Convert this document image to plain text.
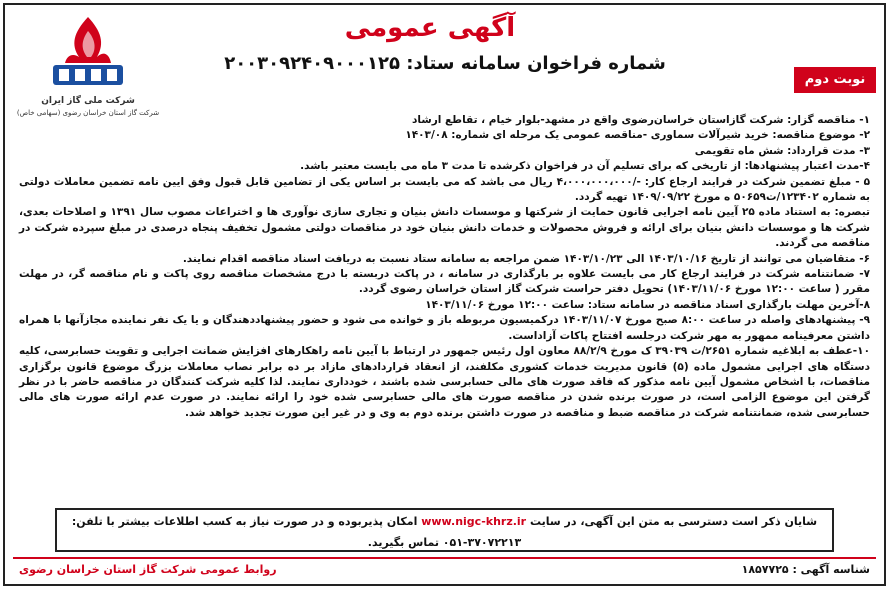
شرکت ملی گاز ایران
شرکت گاز استان خراسان رضوی (سهامی خاص)
آگهی عمومی
شماره فراخوان سامانه ستاد: ۲۰۰۳۰۹۲۴۰۹۰۰۰۱۲۵
نوبت دوم

۱- مناقصه گزار: شرکت گازاستان خراسان‌رضوی واقع در مشهد-بلوار خیام ، تقاطع ارشاد

۲- موضوع مناقصه: خرید شیرآلات سماوری -مناقصه عمومی یک مرحله ای شماره: ۱۴۰۳/۰۸

۳- مدت قرارداد: شش ماه تقویمی

۴-مدت اعتبار پیشنهادها: از تاریخی که برای تسلیم آن در فراخوان ذکرشده تا مدت ۳ ماه می بایست معتبر باشد.

۵ - مبلغ تضمین شرکت در فرایند ارجاع کار: -/۴،۰۰۰،۰۰۰،۰۰۰ ریال می باشد که می بایست بر اساس یکی از تضامین قابل قبول وفق ایین نامه تضمین معاملات دولتی به شماره ۱۲۳۴۰۲/ت۵۰۶۵۹ ه مورخ ۱۴۰۹/۰۹/۲۲ تهیه گردد.

تبصره: به استناد ماده ۲۵ آیین نامه اجرایی قانون حمایت از شرکتها و موسسات دانش بنیان و تجاری سازی نوآوری ها و اختراعات مصوب سال ۱۳۹۱ و اصلاحات بعدی، شرکت ها و موسسات دانش بنیان برای ارائه و فروش محصولات و خدمات دانش بنیان خود در مناقصات دولتی مشمول تخفیف پنجاه درصدی در مبلغ سپرده شرکت در مناقصه می گردند.

۶- متقاضیان می توانند از تاریخ ۱۴۰۳/۱۰/۱۶ الی ۱۴۰۳/۱۰/۲۳ ضمن مراجعه به سامانه ستاد نسبت به دریافت اسناد مناقصه اقدام نمایند.

۷- ضمانتنامه شرکت در فرایند ارجاع کار می بایست علاوه بر بارگذاری در سامانه ، در پاکت دربسته با درج مشخصات مناقصه روی پاکت و نام مناقصه گر، در مهلت مقرر ( ساعت ۱۲:۰۰ مورخ ۱۴۰۳/۱۱/۰۶) تحویل دفتر حراست شرکت گاز استان خراسان رضوی گردد.

۸-آخرین مهلت بارگذاری اسناد مناقصه در سامانه ستاد: ساعت ۱۲:۰۰ مورخ ۱۴۰۳/۱۱/۰۶

۹- پیشنهادهای واصله در ساعت ۸:۰۰ صبح مورخ ۱۴۰۳/۱۱/۰۷ درکمیسیون مربوطه باز و خوانده می شود و حضور پیشنهاددهندگان و یا یک نفر نماینده مجازآنها با همراه داشتن معرفینامه ممهور به مهر شرکت درجلسه افتتاح پاکات آزاداست.

۱۰-عطف به ابلاغیه شماره ۲۶۵۱/ت ۳۹۰۳۹ ک مورخ ۸۸/۲/۹ معاون اول رئیس جمهور در ارتباط با آیین نامه راهکارهای افزایش ضمانت اجرایی و تقویت حسابرسی، کلیه دستگاه های اجرایی مشمول ماده (۵) قانون مدیریت خدمات کشوری مکلفند، از انعقاد قراردادهای مازاد بر ده برابر نصاب معاملات بزرگ موضوع قانون برگزاری مناقصات، با اشخاص مشمول آیین نامه مذکور که فاقد صورت های مالی حسابرسی شده باشند ، خودداری نمایند. لذا کلیه شرکت کنندگان در مناقصه حاضر با در نظر گرفتن این موضوع الزامی است، در صورت برنده شدن در مناقصه صورت های مالی حسابرسی شده خود را ارائه نمایند. در صورت عدم ارائه صورت های مالی حسابرسی شده، ضمانتنامه شرکت در مناقصه ضبط و مناقصه در صورت داشتن برنده دوم به وی و در غیر این صورت تجدید خواهد شد.

شایان ذکر است دسترسی به متن این آگهی، در سایت www.nigc-khrz.ir امکان پذیربوده و در صورت نیاز به کسب اطلاعات بیشتر با تلفن:
۰۵۱-۳۷۰۷۲۲۱۳ تماس بگیرید.
شناسه آگهی : ۱۸۵۷۷۲۵
روابط عمومی شرکت گاز استان خراسان رضوی
